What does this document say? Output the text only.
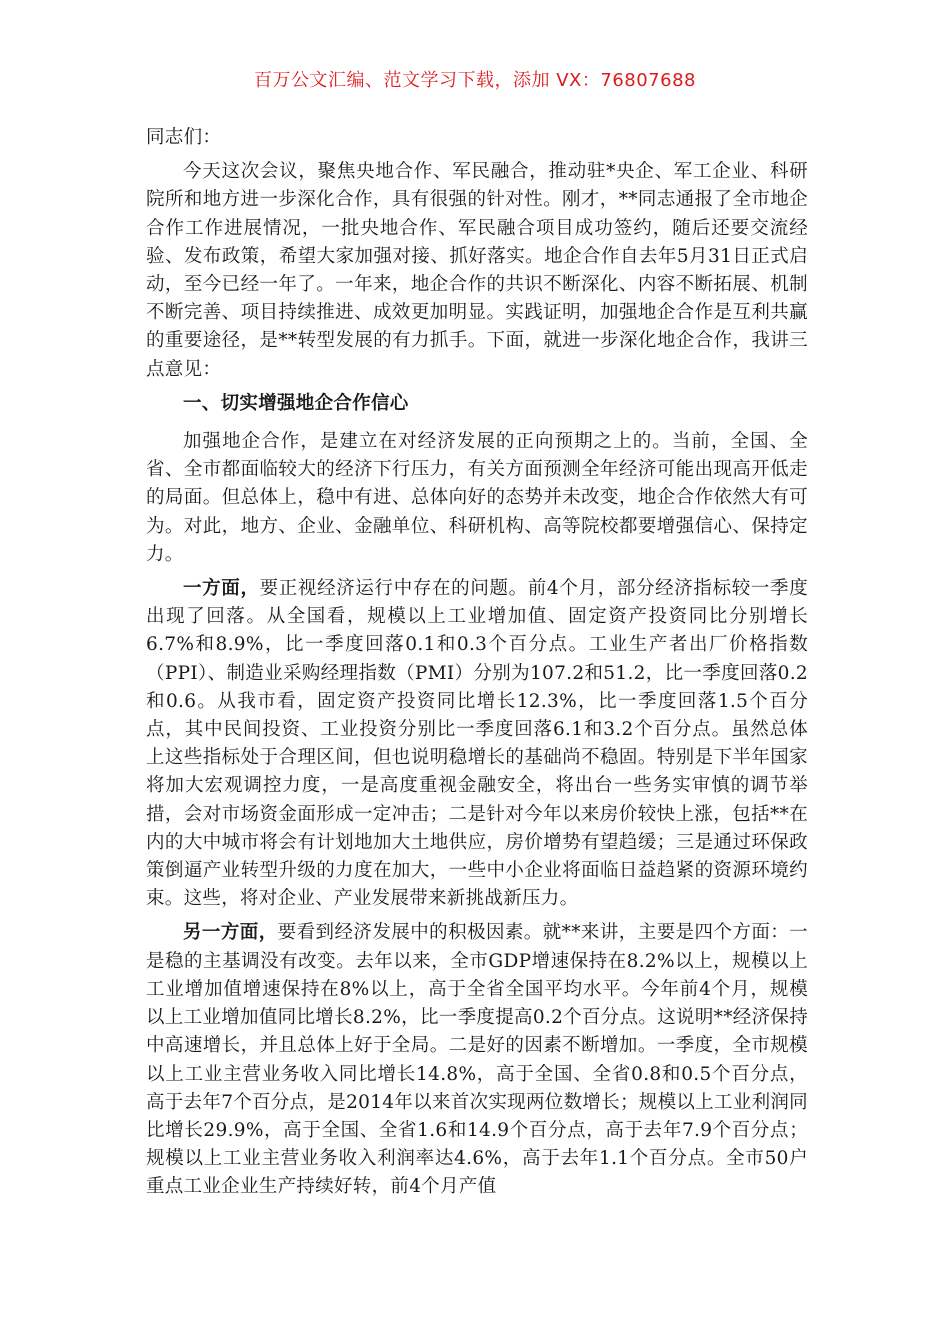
百万公文汇编、范文学习下载，添加 VX：76807688

同志们：

今天这次会议，聚焦央地合作、军民融合，推动驻*央企、军工企业、科研院所和地方进一步深化合作，具有很强的针对性。刚才，**同志通报了全市地企合作工作进展情况，一批央地合作、军民融合项目成功签约，随后还要交流经验、发布政策，希望大家加强对接、抓好落实。地企合作自去年5月31日正式启动，至今已经一年了。一年来，地企合作的共识不断深化、内容不断拓展、机制不断完善、项目持续推进、成效更加明显。实践证明，加强地企合作是互利共赢的重要途径，是**转型发展的有力抓手。下面，就进一步深化地企合作，我讲三点意见：

一、切实增强地企合作信心

加强地企合作，是建立在对经济发展的正向预期之上的。当前，全国、全省、全市都面临较大的经济下行压力，有关方面预测全年经济可能出现高开低走的局面。但总体上，稳中有进、总体向好的态势并未改变，地企合作依然大有可为。对此，地方、企业、金融单位、科研机构、高等院校都要增强信心、保持定力。

一方面，要正视经济运行中存在的问题。前4个月，部分经济指标较一季度出现了回落。从全国看，规模以上工业增加值、固定资产投资同比分别增长6.7%和8.9%，比一季度回落0.1和0.3个百分点。工业生产者出厂价格指数（PPI）、制造业采购经理指数（PMI）分别为107.2和51.2，比一季度回落0.2和0.6。从我市看，固定资产投资同比增长12.3%，比一季度回落1.5个百分点，其中民间投资、工业投资分别比一季度回落6.1和3.2个百分点。虽然总体上这些指标处于合理区间，但也说明稳增长的基础尚不稳固。特别是下半年国家将加大宏观调控力度，一是高度重视金融安全，将出台一些务实审慎的调节举措，会对市场资金面形成一定冲击；二是针对今年以来房价较快上涨，包括**在内的大中城市将会有计划地加大土地供应，房价增势有望趋缓；三是通过环保政策倒逼产业转型升级的力度在加大，一些中小企业将面临日益趋紧的资源环境约束。这些，将对企业、产业发展带来新挑战新压力。

另一方面，要看到经济发展中的积极因素。就**来讲，主要是四个方面：一是稳的主基调没有改变。去年以来，全市GDP增速保持在8.2%以上，规模以上工业增加值增速保持在8%以上，高于全省全国平均水平。今年前4个月，规模以上工业增加值同比增长8.2%，比一季度提高0.2个百分点。这说明**经济保持中高速增长，并且总体上好于全局。二是好的因素不断增加。一季度，全市规模以上工业主营业务收入同比增长14.8%，高于全国、全省0.8和0.5个百分点，高于去年7个百分点，是2014年以来首次实现两位数增长；规模以上工业利润同比增长29.9%，高于全国、全省1.6和14.9个百分点，高于去年7.9个百分点；规模以上工业主营业务收入利润率达4.6%，高于去年1.1个百分点。全市50户重点工业企业生产持续好转，前4个月产值
